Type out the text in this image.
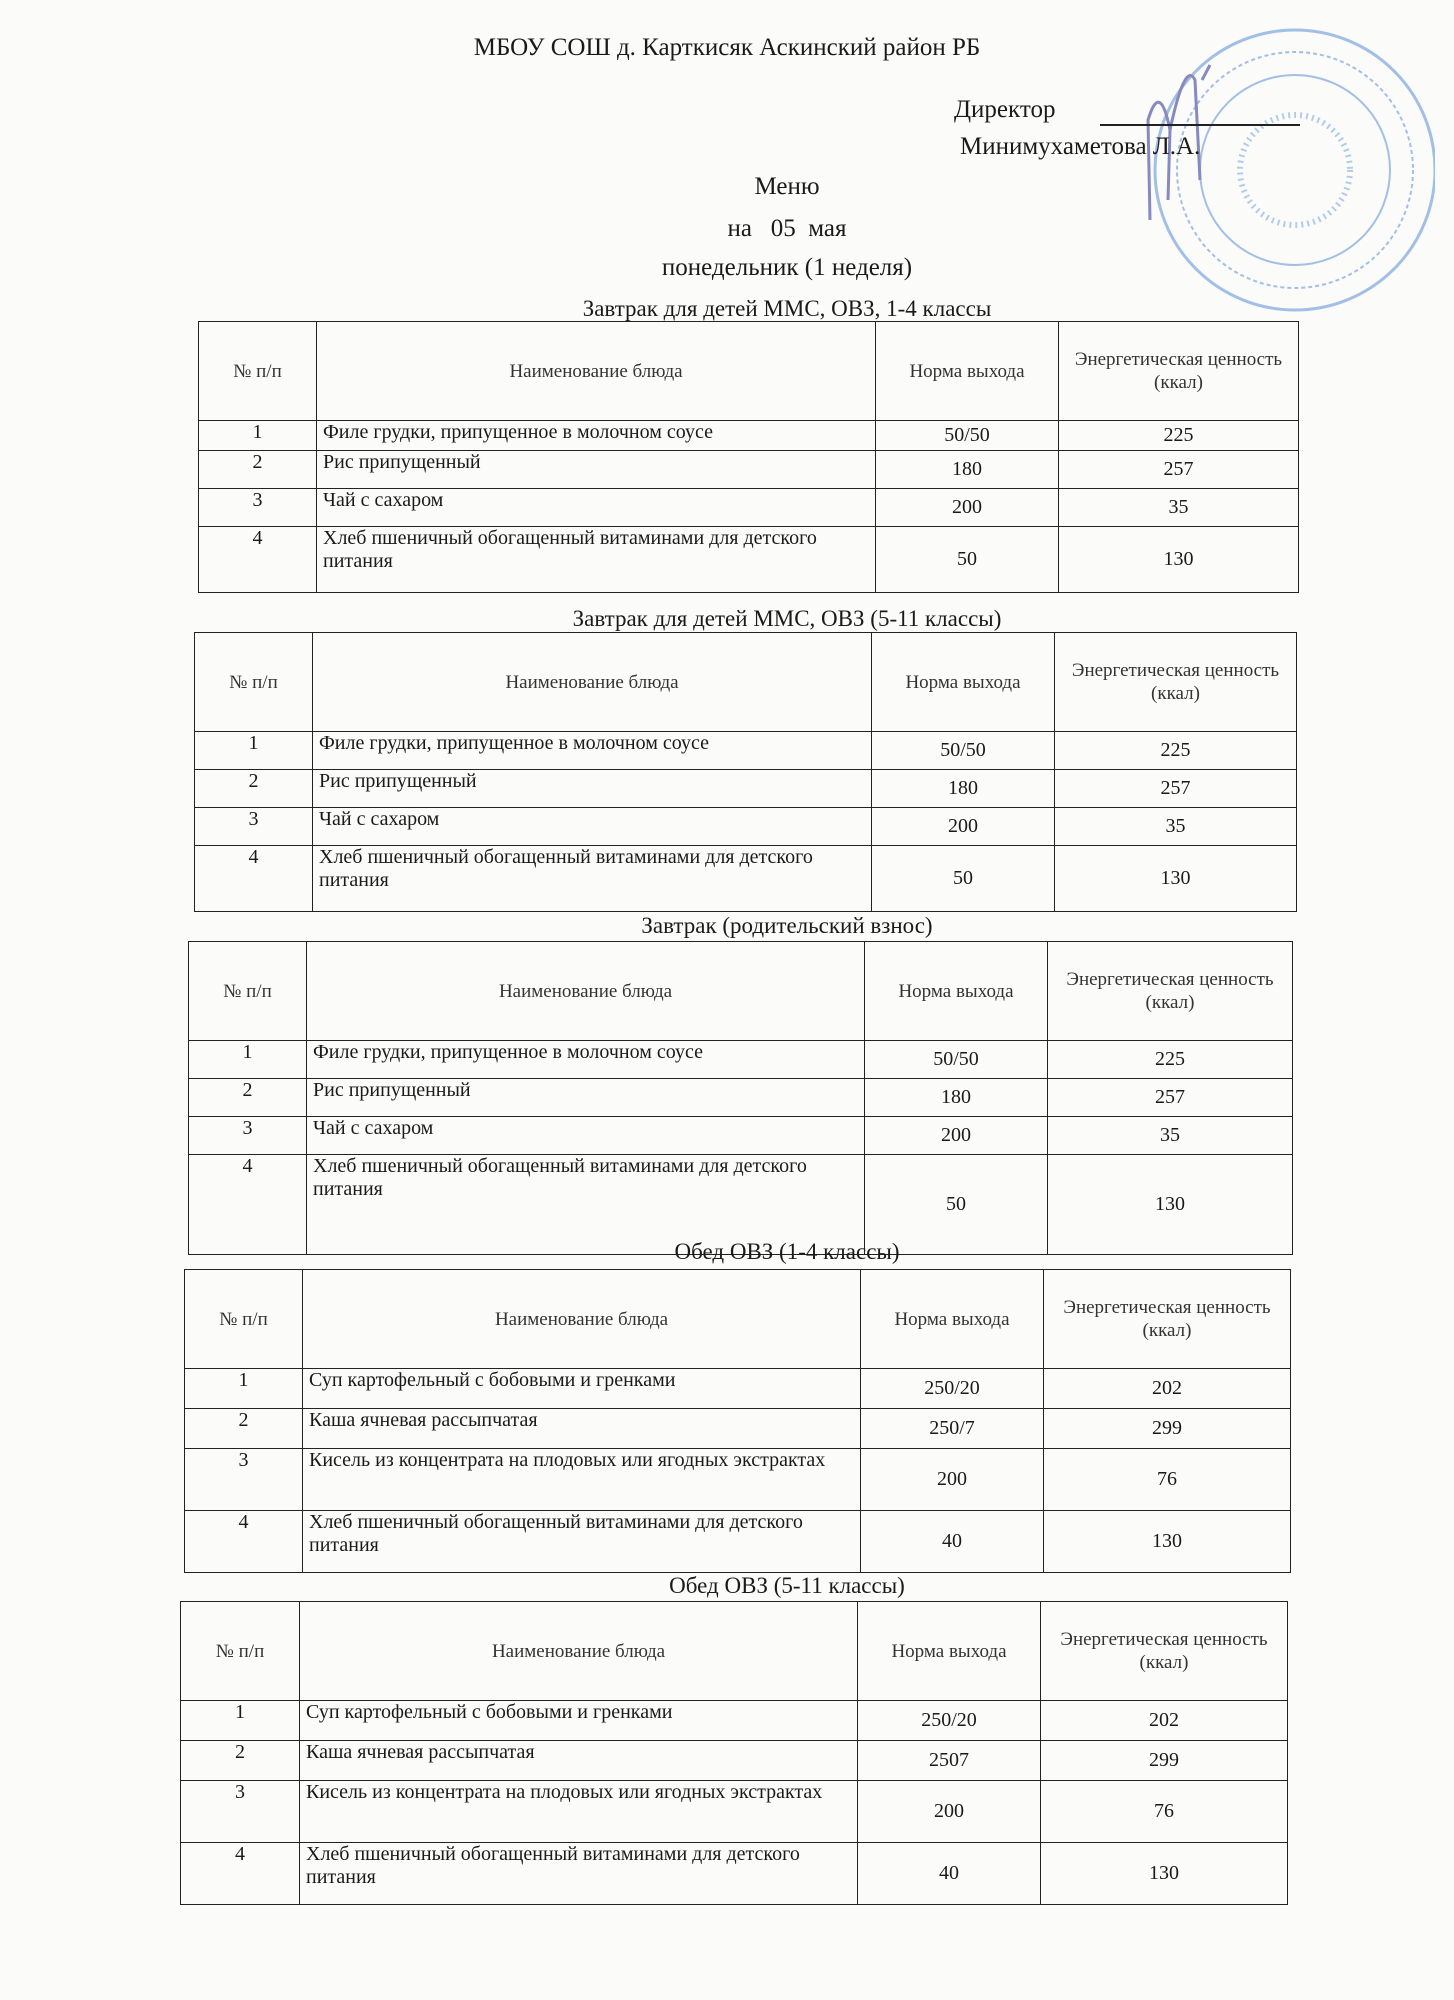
МБОУ СОШ д. Карткисяк Аскинский район РБ
Директор
Минимухаметова Л.А.
Меню
на   05  мая
понедельник (1 неделя)
Завтрак для детей ММС, ОВЗ, 1-4 классы
№ п/п	Наименование блюда	Норма выхода	Энергетическая ценность (ккал)
1	Филе грудки, припущенное в молочном соусе	50/50	225
2	Рис припущенный	180	257
3	Чай с сахаром	200	35
4	Хлеб пшеничный обогащенный витаминами для детского питания	50	130
Завтрак для детей ММС, ОВЗ (5-11 классы)
№ п/п	Наименование блюда	Норма выхода	Энергетическая ценность (ккал)
1	Филе грудки, припущенное в молочном соусе	50/50	225
2	Рис припущенный	180	257
3	Чай с сахаром	200	35
4	Хлеб пшеничный обогащенный витаминами для детского питания	50	130
Завтрак (родительский взнос)
№ п/п	Наименование блюда	Норма выхода	Энергетическая ценность (ккал)
1	Филе грудки, припущенное в молочном соусе	50/50	225
2	Рис припущенный	180	257
3	Чай с сахаром	200	35
4	Хлеб пшеничный обогащенный витаминами для детского питания	50	130
Обед ОВЗ (1-4 классы)
№ п/п	Наименование блюда	Норма выхода	Энергетическая ценность (ккал)
1	Суп картофельный с бобовыми и гренками	250/20	202
2	Каша ячневая рассыпчатая	250/7	299
3	Кисель из концентрата на плодовых или ягодных экстрактах	200	76
4	Хлеб пшеничный обогащенный витаминами для детского питания	40	130
Обед ОВЗ (5-11 классы)
№ п/п	Наименование блюда	Норма выхода	Энергетическая ценность (ккал)
1	Суп картофельный с бобовыми и гренками	250/20	202
2	Каша ячневая рассыпчатая	2507	299
3	Кисель из концентрата на плодовых или ягодных экстрактах	200	76
4	Хлеб пшеничный обогащенный витаминами для детского питания	40	130
